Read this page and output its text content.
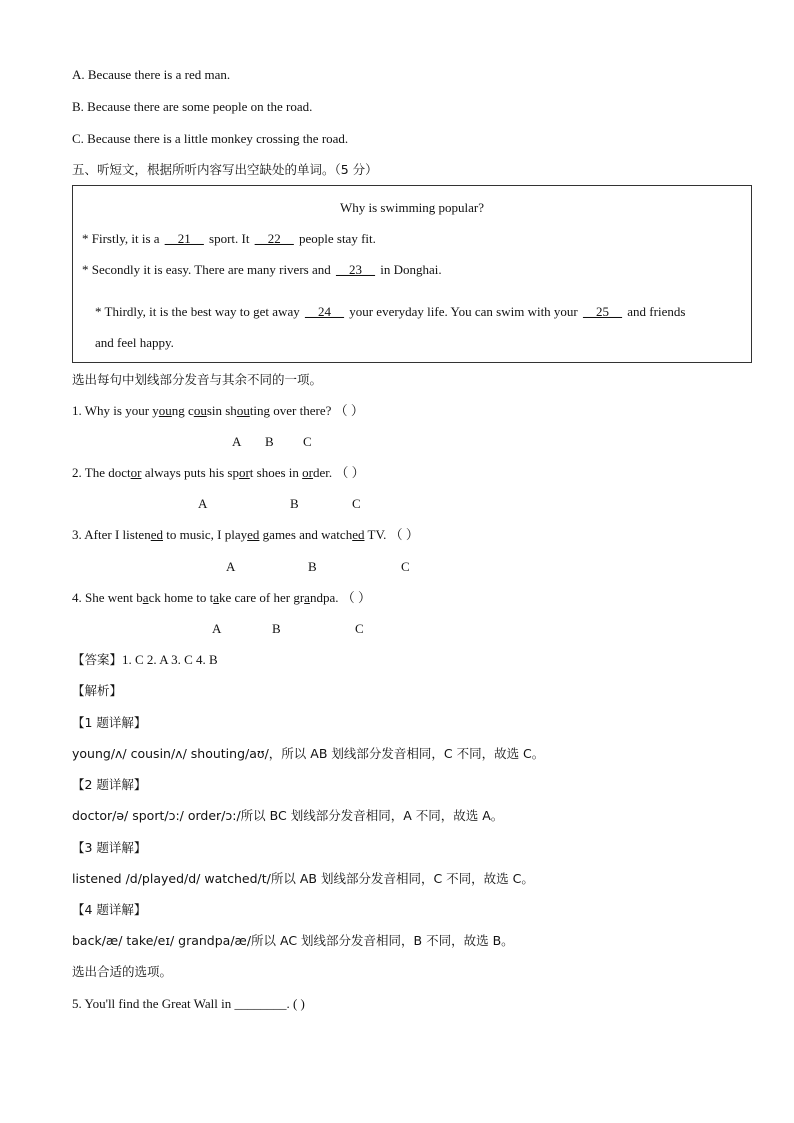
A. Because there is a red man.
B. Because there are some people on the road.
C. Because there is a little monkey crossing the road.
五、听短文，根据所听内容写出空缺处的单词。（5 分）
Why is swimming popular?
* Firstly, it is a __21__ sport. It __22__ people stay fit.
* Secondly it is easy. There are many rivers and __23__ in Donghai.
* Thirdly, it is the best way to get away __24__ your everyday life. You can swim with your __25__ and friends
and feel happy.
选出每句中划线部分发音与其余不同的一项。
1. Why is your young cousin shouting over there? （ ）
A B C
2. The doctor always puts his sport shoes in order. （ ）
A	B	C
3. After I listened to music, I played games and watched TV. （ ）
A	B	C
4. She went back home to take care of her grandpa. （ ）
A	B	C
【答案】1. C 2. A 3. C 4. B
【解析】
【1 题详解】
young/ʌ/ cousin/ʌ/ shouting/aʊ/，所以 AB 划线部分发音相同，C 不同，故选 C。
【2 题详解】
doctor/ə/ sport/ɔ:/ order/ɔ:/所以 BC 划线部分发音相同，A 不同，故选 A。
【3 题详解】
listened /d/played/d/ watched/t/所以 AB 划线部分发音相同，C 不同，故选 C。
【4 题详解】
back/æ/ take/eɪ/ grandpa/æ/所以 AC 划线部分发音相同，B 不同，故选 B。
选出合适的选项。
5. You'll find the Great Wall in ________. ( )
